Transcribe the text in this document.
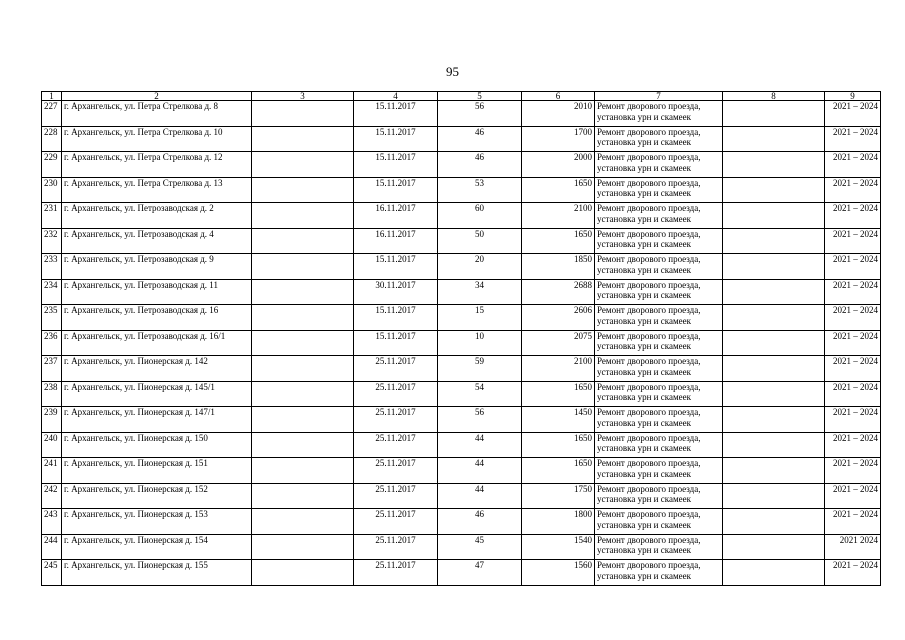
95
1	2	3	4	5	6	7	8	9
227	г. Архангельск, ул. Петра Стрелкова д. 8		15.11.2017	56	2010	Ремонт дворового проезда,
установка урн и скамеек		2021 – 2024
228	г. Архангельск, ул. Петра Стрелкова д. 10		15.11.2017	46	1700	Ремонт дворового проезда,
установка урн и скамеек		2021 – 2024
229	г. Архангельск, ул. Петра Стрелкова д. 12		15.11.2017	46	2000	Ремонт дворового проезда,
установка урн и скамеек		2021 – 2024
230	г. Архангельск, ул. Петра Стрелкова д. 13		15.11.2017	53	1650	Ремонт дворового проезда,
установка урн и скамеек		2021 – 2024
231	г. Архангельск, ул. Петрозаводская д. 2		16.11.2017	60	2100	Ремонт дворового проезда,
установка урн и скамеек		2021 – 2024
232	г. Архангельск, ул. Петрозаводская д. 4		16.11.2017	50	1650	Ремонт дворового проезда,
установка урн и скамеек		2021 – 2024
233	г. Архангельск, ул. Петрозаводская д. 9		15.11.2017	20	1850	Ремонт дворового проезда,
установка урн и скамеек		2021 – 2024
234	г. Архангельск, ул. Петрозаводская д. 11		30.11.2017	34	2688	Ремонт дворового проезда,
установка урн и скамеек		2021 – 2024
235	г. Архангельск, ул. Петрозаводская д. 16		15.11.2017	15	2606	Ремонт дворового проезда,
установка урн и скамеек		2021 – 2024
236	г. Архангельск, ул. Петрозаводская д. 16/1		15.11.2017	10	2075	Ремонт дворового проезда,
установка урн и скамеек		2021 – 2024
237	г. Архангельск, ул. Пионерская д. 142		25.11.2017	59	2100	Ремонт дворового проезда,
установка урн и скамеек		2021 – 2024
238	г. Архангельск, ул. Пионерская д. 145/1		25.11.2017	54	1650	Ремонт дворового проезда,
установка урн и скамеек		2021 – 2024
239	г. Архангельск, ул. Пионерская д. 147/1		25.11.2017	56	1450	Ремонт дворового проезда,
установка урн и скамеек		2021 – 2024
240	г. Архангельск, ул. Пионерская д. 150		25.11.2017	44	1650	Ремонт дворового проезда,
установка урн и скамеек		2021 – 2024
241	г. Архангельск, ул. Пионерская д. 151		25.11.2017	44	1650	Ремонт дворового проезда,
установка урн и скамеек		2021 – 2024
242	г. Архангельск, ул. Пионерская д. 152		25.11.2017	44	1750	Ремонт дворового проезда,
установка урн и скамеек		2021 – 2024
243	г. Архангельск, ул. Пионерская д. 153		25.11.2017	46	1800	Ремонт дворового проезда,
установка урн и скамеек		2021 – 2024
244	г. Архангельск, ул. Пионерская д. 154		25.11.2017	45	1540	Ремонт дворового проезда,
установка урн и скамеек		2021 2024
245	г. Архангельск, ул. Пионерская д. 155		25.11.2017	47	1560	Ремонт дворового проезда,
установка урн и скамеек		2021 – 2024
